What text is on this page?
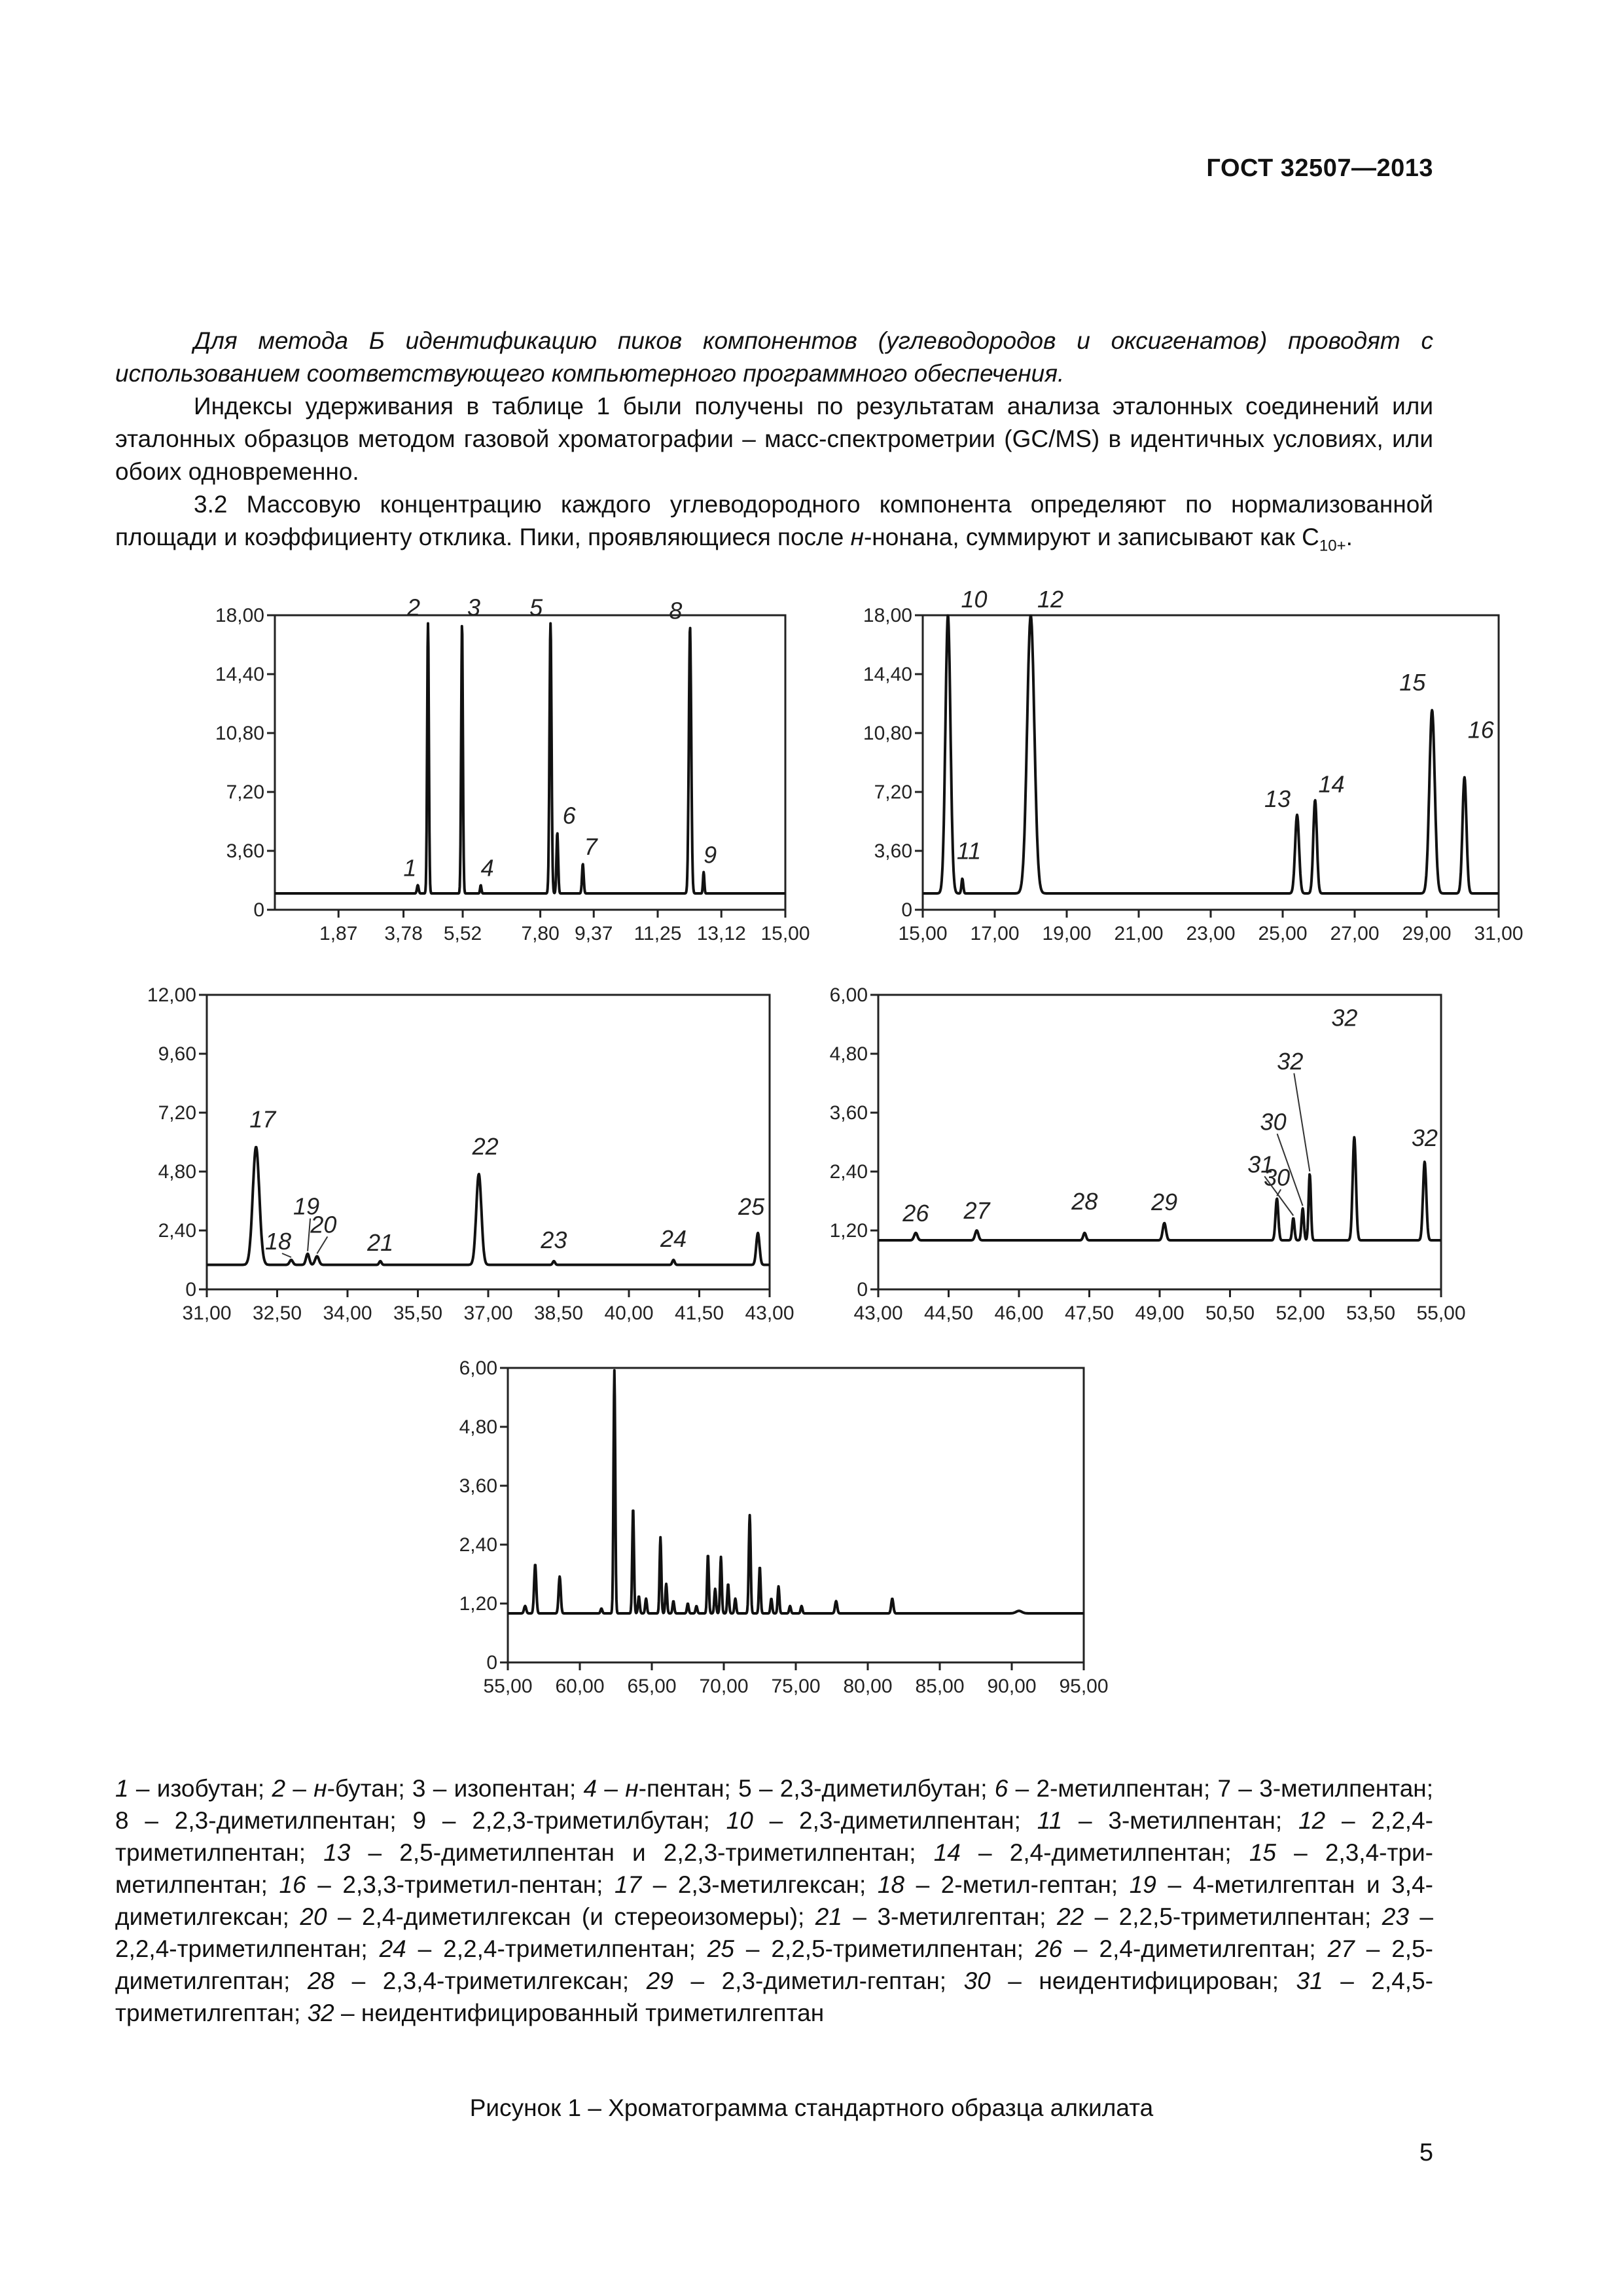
ГОСТ 32507—2013

Для метода Б идентификацию пиков компонентов (углеводородов и оксигенатов) проводят с использованием соответствующего компьютерного программного обеспечения.

Индексы удерживания в таблице 1 были получены по результатам анализа эталонных соединений или эталонных образцов методом газовой хроматографии – масс-спектрометрии (GC/MS) в идентичных условиях, или обоих одновременно.

3.2 Массовую концентрацию каждого углеводородного компонента определяют по нормализованной площади и коэффициенту отклика. Пики, проявляющиеся после н-нонана, суммируют и записывают как $C_{10+}$.

0
3,60
7,20
10,80
14,40
18,00
1,87 3,78 5,52 7,80 9,37 11,25 13,12 15,00
1
2 3
4
5
6
7
8
9
0
3,60
7,20
10,80
14,40
18,00
15,00 17,00 19,00 21,00 23,00 25,00 27,00 29,00 31,00
10
11
12
13
14
15
16
0
2,40
4,80
7,20
9,60
12,00
31,00 32,50 34,00 35,50 37,00 38,50 40,00 41,50 43,00
17
18
19
20
21
22
23	24
25
0
1,20
2,40
3,60
4,80
6,00
43,00 44,50 46,00 47,50 49,00 50,50 52,00 53,50 55,00
26 27	28 29
30
31
30
32
32
32
0
1,20
2,40
3,60
4,80
6,00
55,00 60,00 65,00 70,00 75,00 80,00 85,00 90,00 95,00
1 – изобутан; 2 – н-бутан; 3 – изопентан; 4 – н-пентан; 5 – 2,3-диметилбутан; 6 – 2-метилпентан; 7 – 3-метилпентан; 8 – 2,3-диметилпентан; 9 – 2,2,3-триметилбутан; 10 – 2,3-диметилпентан; 11 – 3-метилпентан; 12 – 2,2,4-триметилпентан; 13 – 2,5-диметилпентан и 2,2,3-триметилпентан; 14 – 2,4-диметилпентан; 15 – 2,3,4-три-метилпентан; 16 – 2,3,3-триметил-пентан; 17 – 2,3-метилгексан; 18 – 2-метил-гептан; 19 – 4-метилгептан и 3,4-диметилгексан; 20 – 2,4-диметилгексан (и стереоизомеры); 21 – 3-метилгептан; 22 – 2,2,5-триметилпентан; 23 – 2,2,4-триметилпентан; 24 – 2,2,4-триметилпентан; 25 – 2,2,5-триметилпентан; 26 – 2,4-диметилгептан; 27 – 2,5-диметилгептан; 28 – 2,3,4-триметилгексан; 29 – 2,3-диметил-гептан; 30 – неидентифицирован; 31 – 2,4,5-триметилгептан; 32 – неидентифицированный триметилгептан
Рисунок 1 – Хроматограмма стандартного образца алкилата
5
